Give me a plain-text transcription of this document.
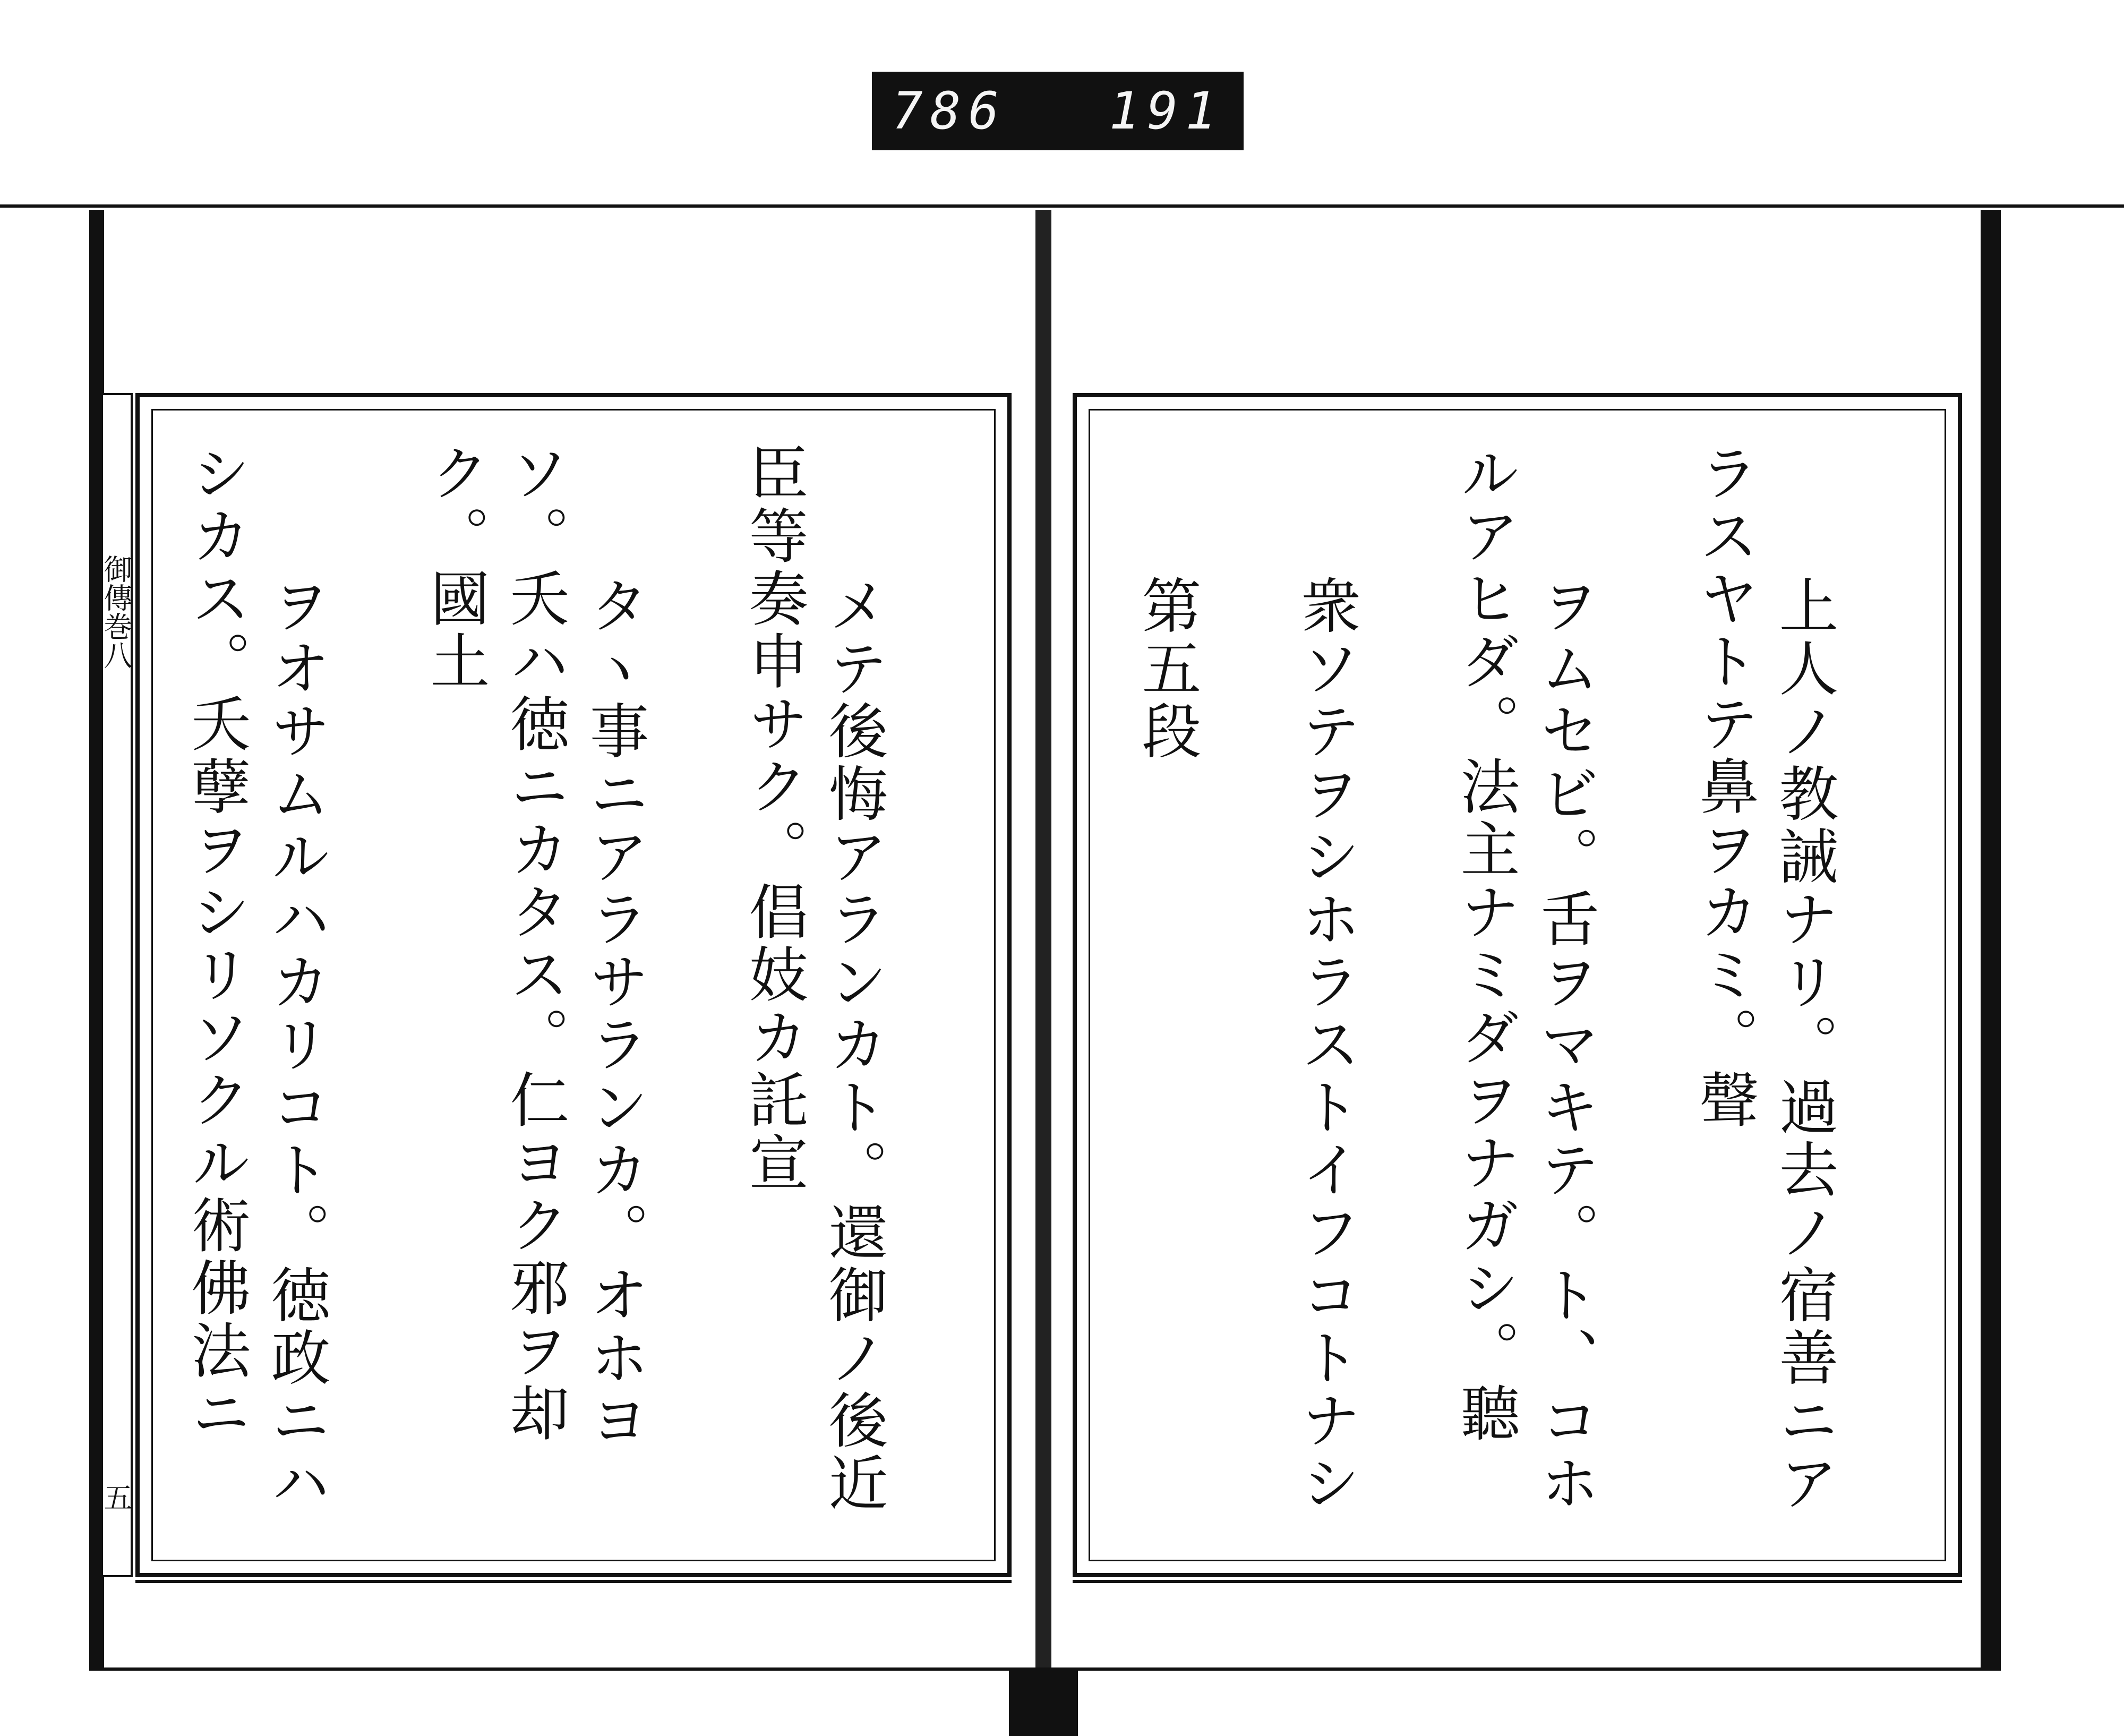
786 191
御傳巻八
五	メテ後悔アランカト。還御ノ後近臣等奏申サク。倡妓カ託宣

タヽ事ニアラサランカ。オホヨソ。夭ハ徳ニカタス。仁ヨク邪ヲ却ク。國土

ヲオサムルハカリコト。徳政ニハシカス。夭孽ヲシリソクル術佛法ニ

	上人ノ教誡ナリ。過去ノ宿善ニアラスヤトテ鼻ヲカミ。聲

ヲムセビ。舌ヲマキテ。ト、コホルアヒダ。法主ナミダヲナガシ。聽

衆ソテヲシホラストイフコトナシ

第五段
